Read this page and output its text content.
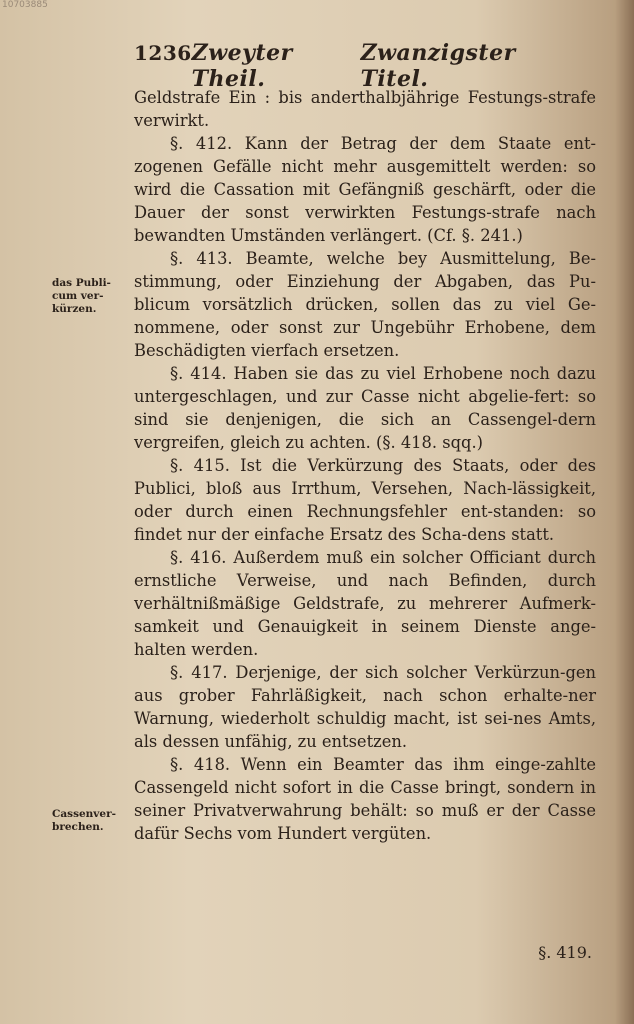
10703885
1236 Zweyter Theil.
Zwanzigster Titel.
das Publi-cum ver-kürzen.
Cassenver-brechen.

Geldstrafe Ein : bis anderthalbjährige Festungs-strafe verwirkt.

§. 412. Kann der Betrag der dem Staate ent-zogenen Gefälle nicht mehr ausgemittelt werden: so wird die Cassation mit Gefängniß geschärft, oder die Dauer der sonst verwirkten Festungs-strafe nach bewandten Umständen verlängert. (Cf. §. 241.)

§. 413. Beamte, welche bey Ausmittelung, Be-stimmung, oder Einziehung der Abgaben, das Pu-blicum vorsätzlich drücken, sollen das zu viel Ge-nommene, oder sonst zur Ungebühr Erhobene, dem Beschädigten vierfach ersetzen.

§. 414. Haben sie das zu viel Erhobene noch dazu untergeschlagen, und zur Casse nicht abgelie-fert: so sind sie denjenigen, die sich an Cassengel-dern vergreifen, gleich zu achten. (§. 418. sqq.)

§. 415. Ist die Verkürzung des Staats, oder des Publici, bloß aus Irrthum, Versehen, Nach-lässigkeit, oder durch einen Rechnungsfehler ent-standen: so findet nur der einfache Ersatz des Scha-dens statt.

§. 416. Außerdem muß ein solcher Officiant durch ernstliche Verweise, und nach Befinden, durch verhältnißmäßige Geldstrafe, zu mehrerer Aufmerk-samkeit und Genauigkeit in seinem Dienste ange-halten werden.

§. 417. Derjenige, der sich solcher Verkürzun-gen aus grober Fahrläßigkeit, nach schon erhalte-ner Warnung, wiederholt schuldig macht, ist sei-nes Amts, als dessen unfähig, zu entsetzen.

§. 418. Wenn ein Beamter das ihm einge-zahlte Cassengeld nicht sofort in die Casse bringt, sondern in seiner Privatverwahrung behält: so muß er der Casse dafür Sechs vom Hundert vergüten.

§. 419.
